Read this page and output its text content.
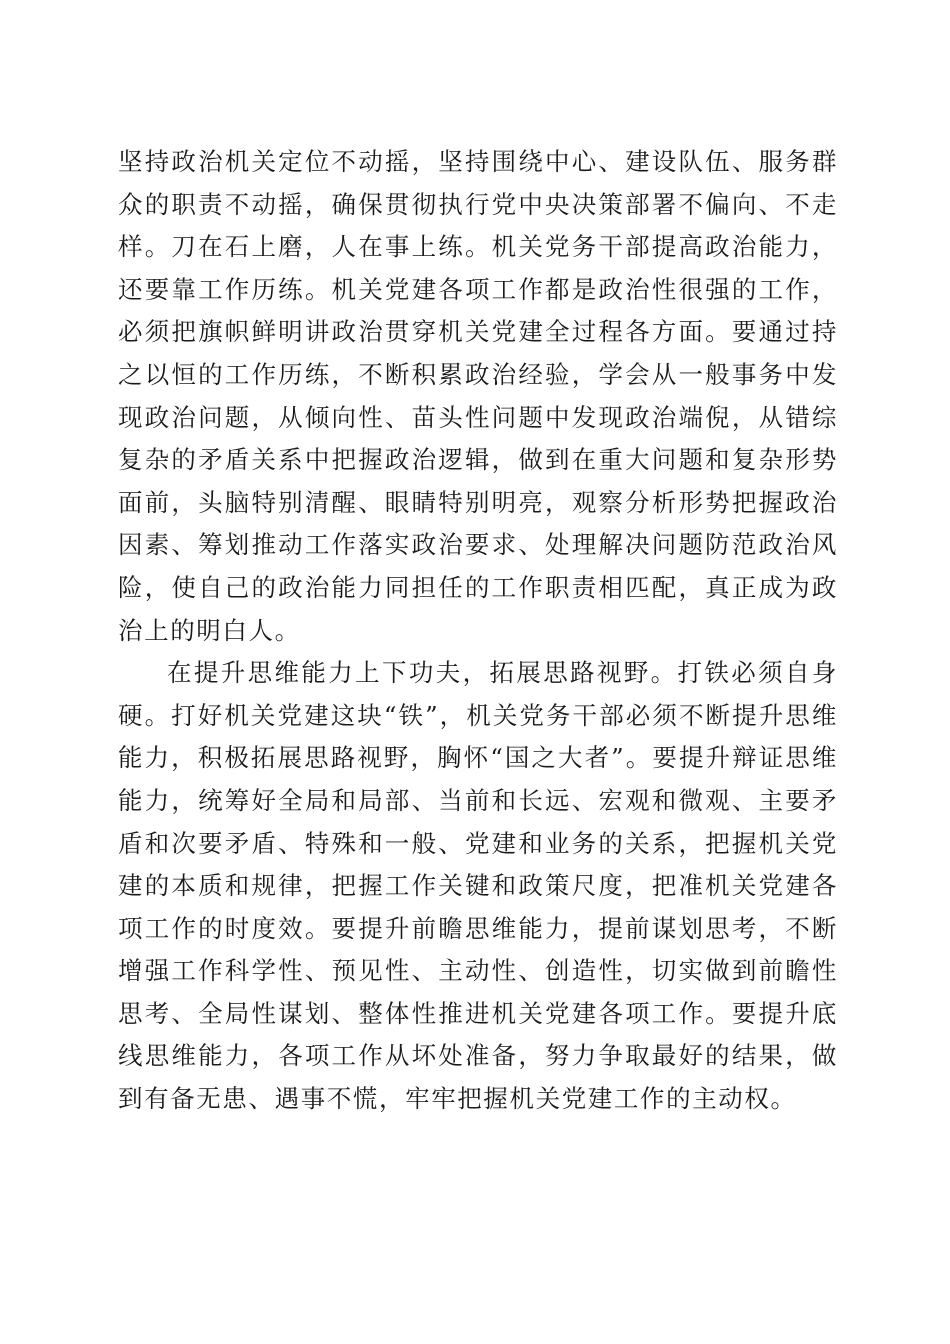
坚持政治机关定位不动摇，坚持围绕中心、建设队伍、服务群众的职责不动摇，确保贯彻执行党中央决策部署不偏向、不走样。刀在石上磨，人在事上练。机关党务干部提高政治能力，还要靠工作历练。机关党建各项工作都是政治性很强的工作，必须把旗帜鲜明讲政治贯穿机关党建全过程各方面。要通过持之以恒的工作历练，不断积累政治经验，学会从一般事务中发现政治问题，从倾向性、苗头性问题中发现政治端倪，从错综复杂的矛盾关系中把握政治逻辑，做到在重大问题和复杂形势面前，头脑特别清醒、眼睛特别明亮，观察分析形势把握政治因素、筹划推动工作落实政治要求、处理解决问题防范政治风险，使自己的政治能力同担任的工作职责相匹配，真正成为政治上的明白人。

在提升思维能力上下功夫，拓展思路视野。打铁必须自身硬。打好机关党建这块“铁”，机关党务干部必须不断提升思维能力，积极拓展思路视野，胸怀“国之大者”。要提升辩证思维能力，统筹好全局和局部、当前和长远、宏观和微观、主要矛盾和次要矛盾、特殊和一般、党建和业务的关系，把握机关党建的本质和规律，把握工作关键和政策尺度，把准机关党建各项工作的时度效。要提升前瞻思维能力，提前谋划思考，不断增强工作科学性、预见性、主动性、创造性，切实做到前瞻性思考、全局性谋划、整体性推进机关党建各项工作。要提升底线思维能力，各项工作从坏处准备，努力争取最好的结果，做到有备无患、遇事不慌，牢牢把握机关党建工作的主动权。
